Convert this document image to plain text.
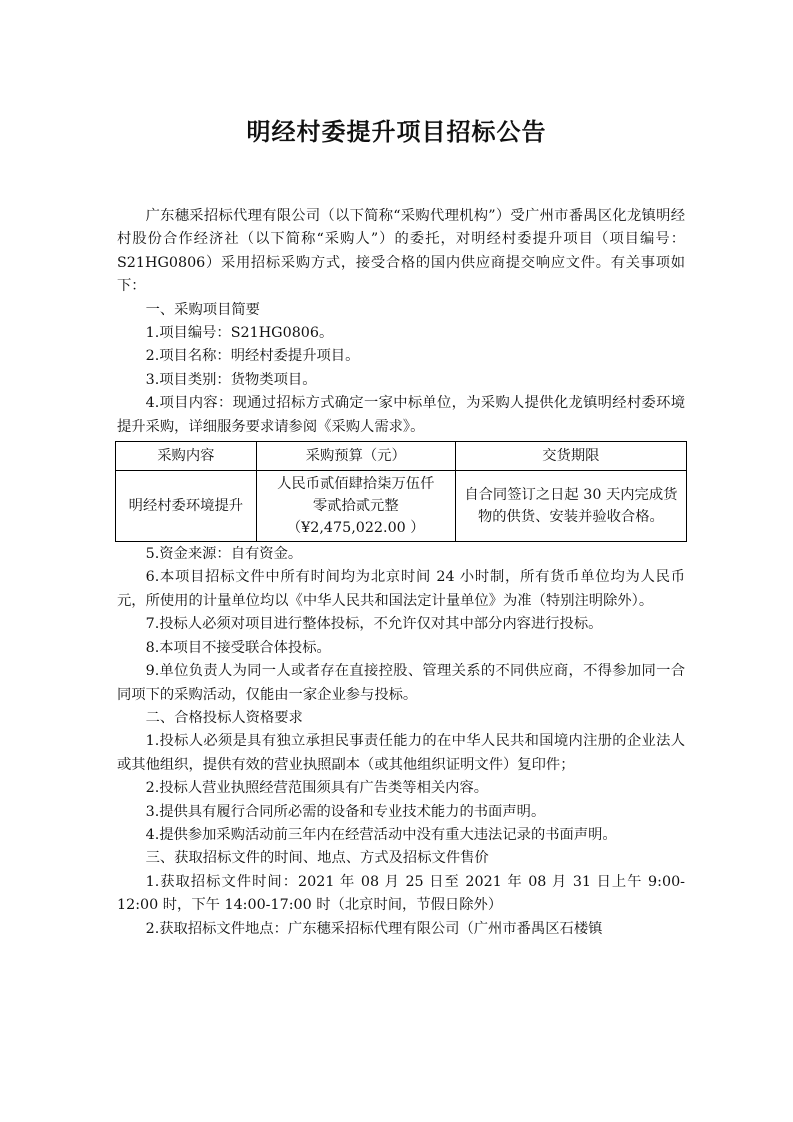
明经村委提升项目招标公告

广东穗采招标代理有限公司（以下简称“采购代理机构”）受广州市番禺区化龙镇明经村股份合作经济社（以下简称“采购人”）的委托，对明经村委提升项目（项目编号：S21HG0806）采用招标采购方式，接受合格的国内供应商提交响应文件。有关事项如下：

一、采购项目简要

1.项目编号：S21HG0806。

2.项目名称：明经村委提升项目。

3.项目类别：货物类项目。

4.项目内容：现通过招标方式确定一家中标单位，为采购人提供化龙镇明经村委环境提升采购，详细服务要求请参阅《采购人需求》。

采购内容	采购预算（元）	交货期限
明经村委环境提升	人民币贰佰肆拾柒万伍仟
零贰拾贰元整
（¥2,475,022.00 ）	自合同签订之日起 30 天内完成货物的供货、安装并验收合格。

5.资金来源：自有资金。

6.本项目招标文件中所有时间均为北京时间 24 小时制，所有货币单位均为人民币元，所使用的计量单位均以《中华人民共和国法定计量单位》为准（特别注明除外）。

7.投标人必须对项目进行整体投标，不允许仅对其中部分内容进行投标。

8.本项目不接受联合体投标。

9.单位负责人为同一人或者存在直接控股、管理关系的不同供应商，不得参加同一合同项下的采购活动，仅能由一家企业参与投标。

二、合格投标人资格要求

1.投标人必须是具有独立承担民事责任能力的在中华人民共和国境内注册的企业法人或其他组织，提供有效的营业执照副本（或其他组织证明文件）复印件；

2.投标人营业执照经营范围须具有广告类等相关内容。

3.提供具有履行合同所必需的设备和专业技术能力的书面声明。

4.提供参加采购活动前三年内在经营活动中没有重大违法记录的书面声明。

三、获取招标文件的时间、地点、方式及招标文件售价

1.获取招标文件时间：2021 年 08 月 25 日至 2021 年 08 月 31 日上午 9:00-12:00 时，下午 14:00-17:00 时（北京时间，节假日除外）

2.获取招标文件地点：广东穗采招标代理有限公司（广州市番禺区石楼镇
